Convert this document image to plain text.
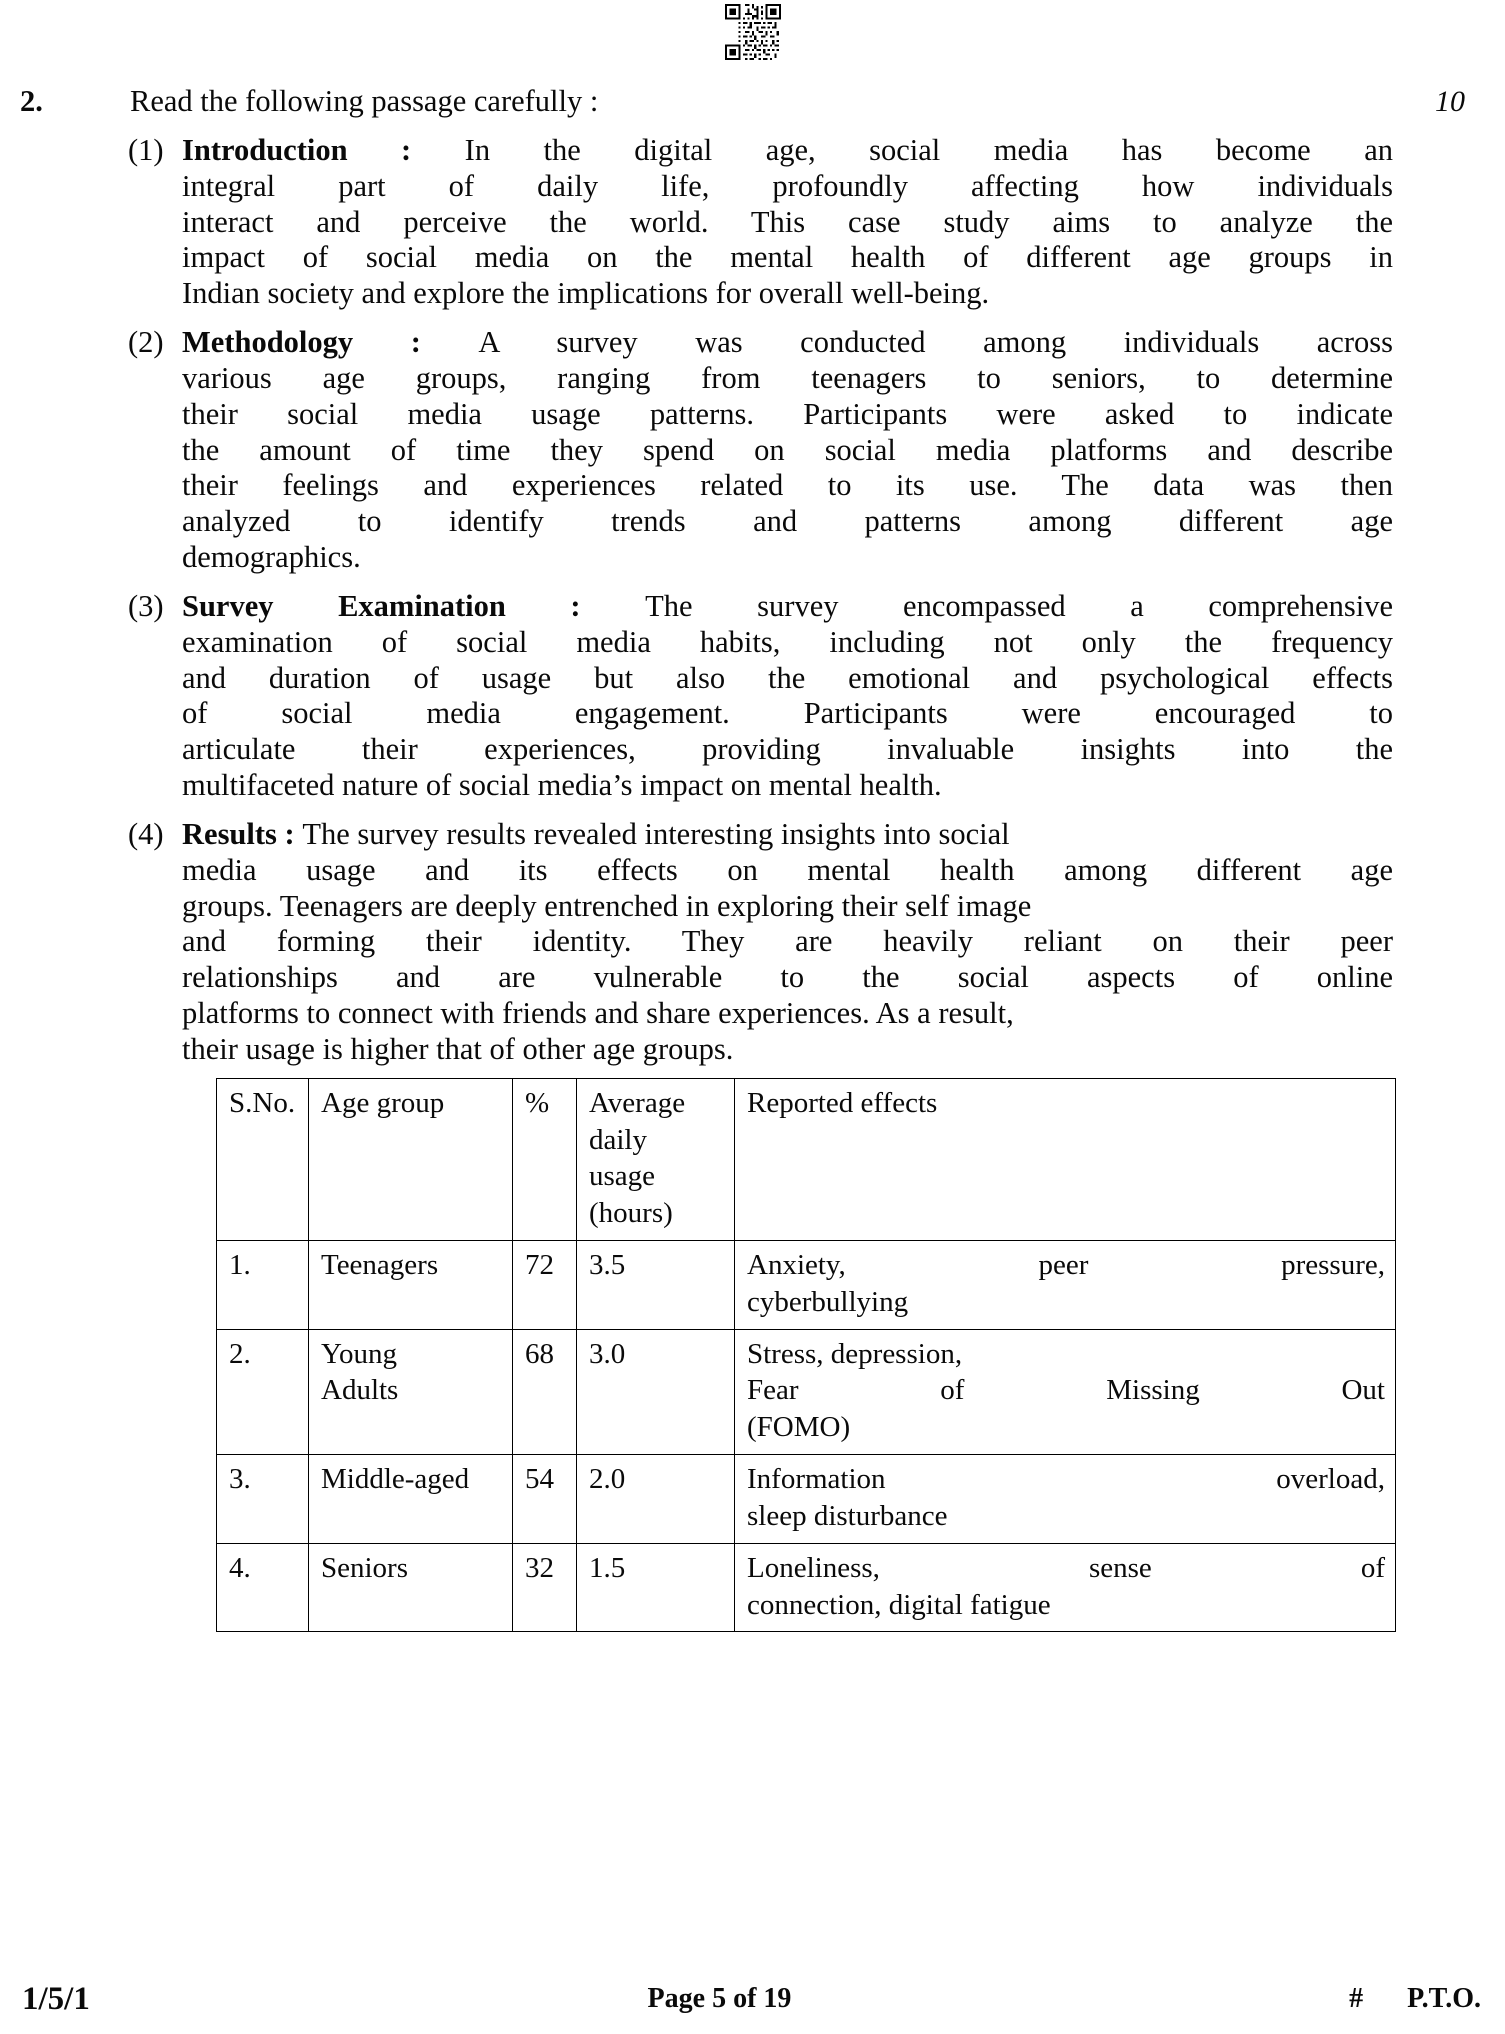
2.	Read the following passage carefully :	10
(1) Introduction : In the digital age, social media has become an
integral part of daily life, profoundly affecting how individuals
interact and perceive the world. This case study aims to analyze the
impact of social media on the mental health of different age groups in
Indian society and explore the implications for overall well-being.
(2) Methodology : A survey was conducted among individuals across
various age groups, ranging from teenagers to seniors, to determine
their social media usage patterns. Participants were asked to indicate
the amount of time they spend on social media platforms and describe
their feelings and experiences related to its use. The data was then
analyzed to identify trends and patterns among different age
demographics.
(3) Survey Examination : The survey encompassed a comprehensive
examination of social media habits, including not only the frequency
and duration of usage but also the emotional and psychological effects
of social media engagement. Participants were encouraged to
articulate their experiences, providing invaluable insights into the
multifaceted nature of social media’s impact on mental health.
(4) Results : The survey results revealed interesting insights into social
media usage and its effects on mental health among different age
groups. Teenagers are deeply entrenched in exploring their self image
and forming their identity. They are heavily reliant on their peer
relationships and are vulnerable to the social aspects of online
platforms to connect with friends and share experiences. As a result,
their usage is higher that of other age groups.
S.No.	Age group	%	Average
daily
usage
(hours)	Reported effects
1.	Teenagers	72	3.5	Anxiety, peer pressure,
cyberbullying

2.	Young
Adults	68	3.0	Stress, depression,
Fear of Missing Out
(FOMO)

3.	Middle-aged	54	2.0	Information overload,
sleep disturbance

4.	Seniors	32	1.5	Loneliness, sense of
connection, digital fatigue
1/5/1	Page 5 of 19	# P.T.O.
